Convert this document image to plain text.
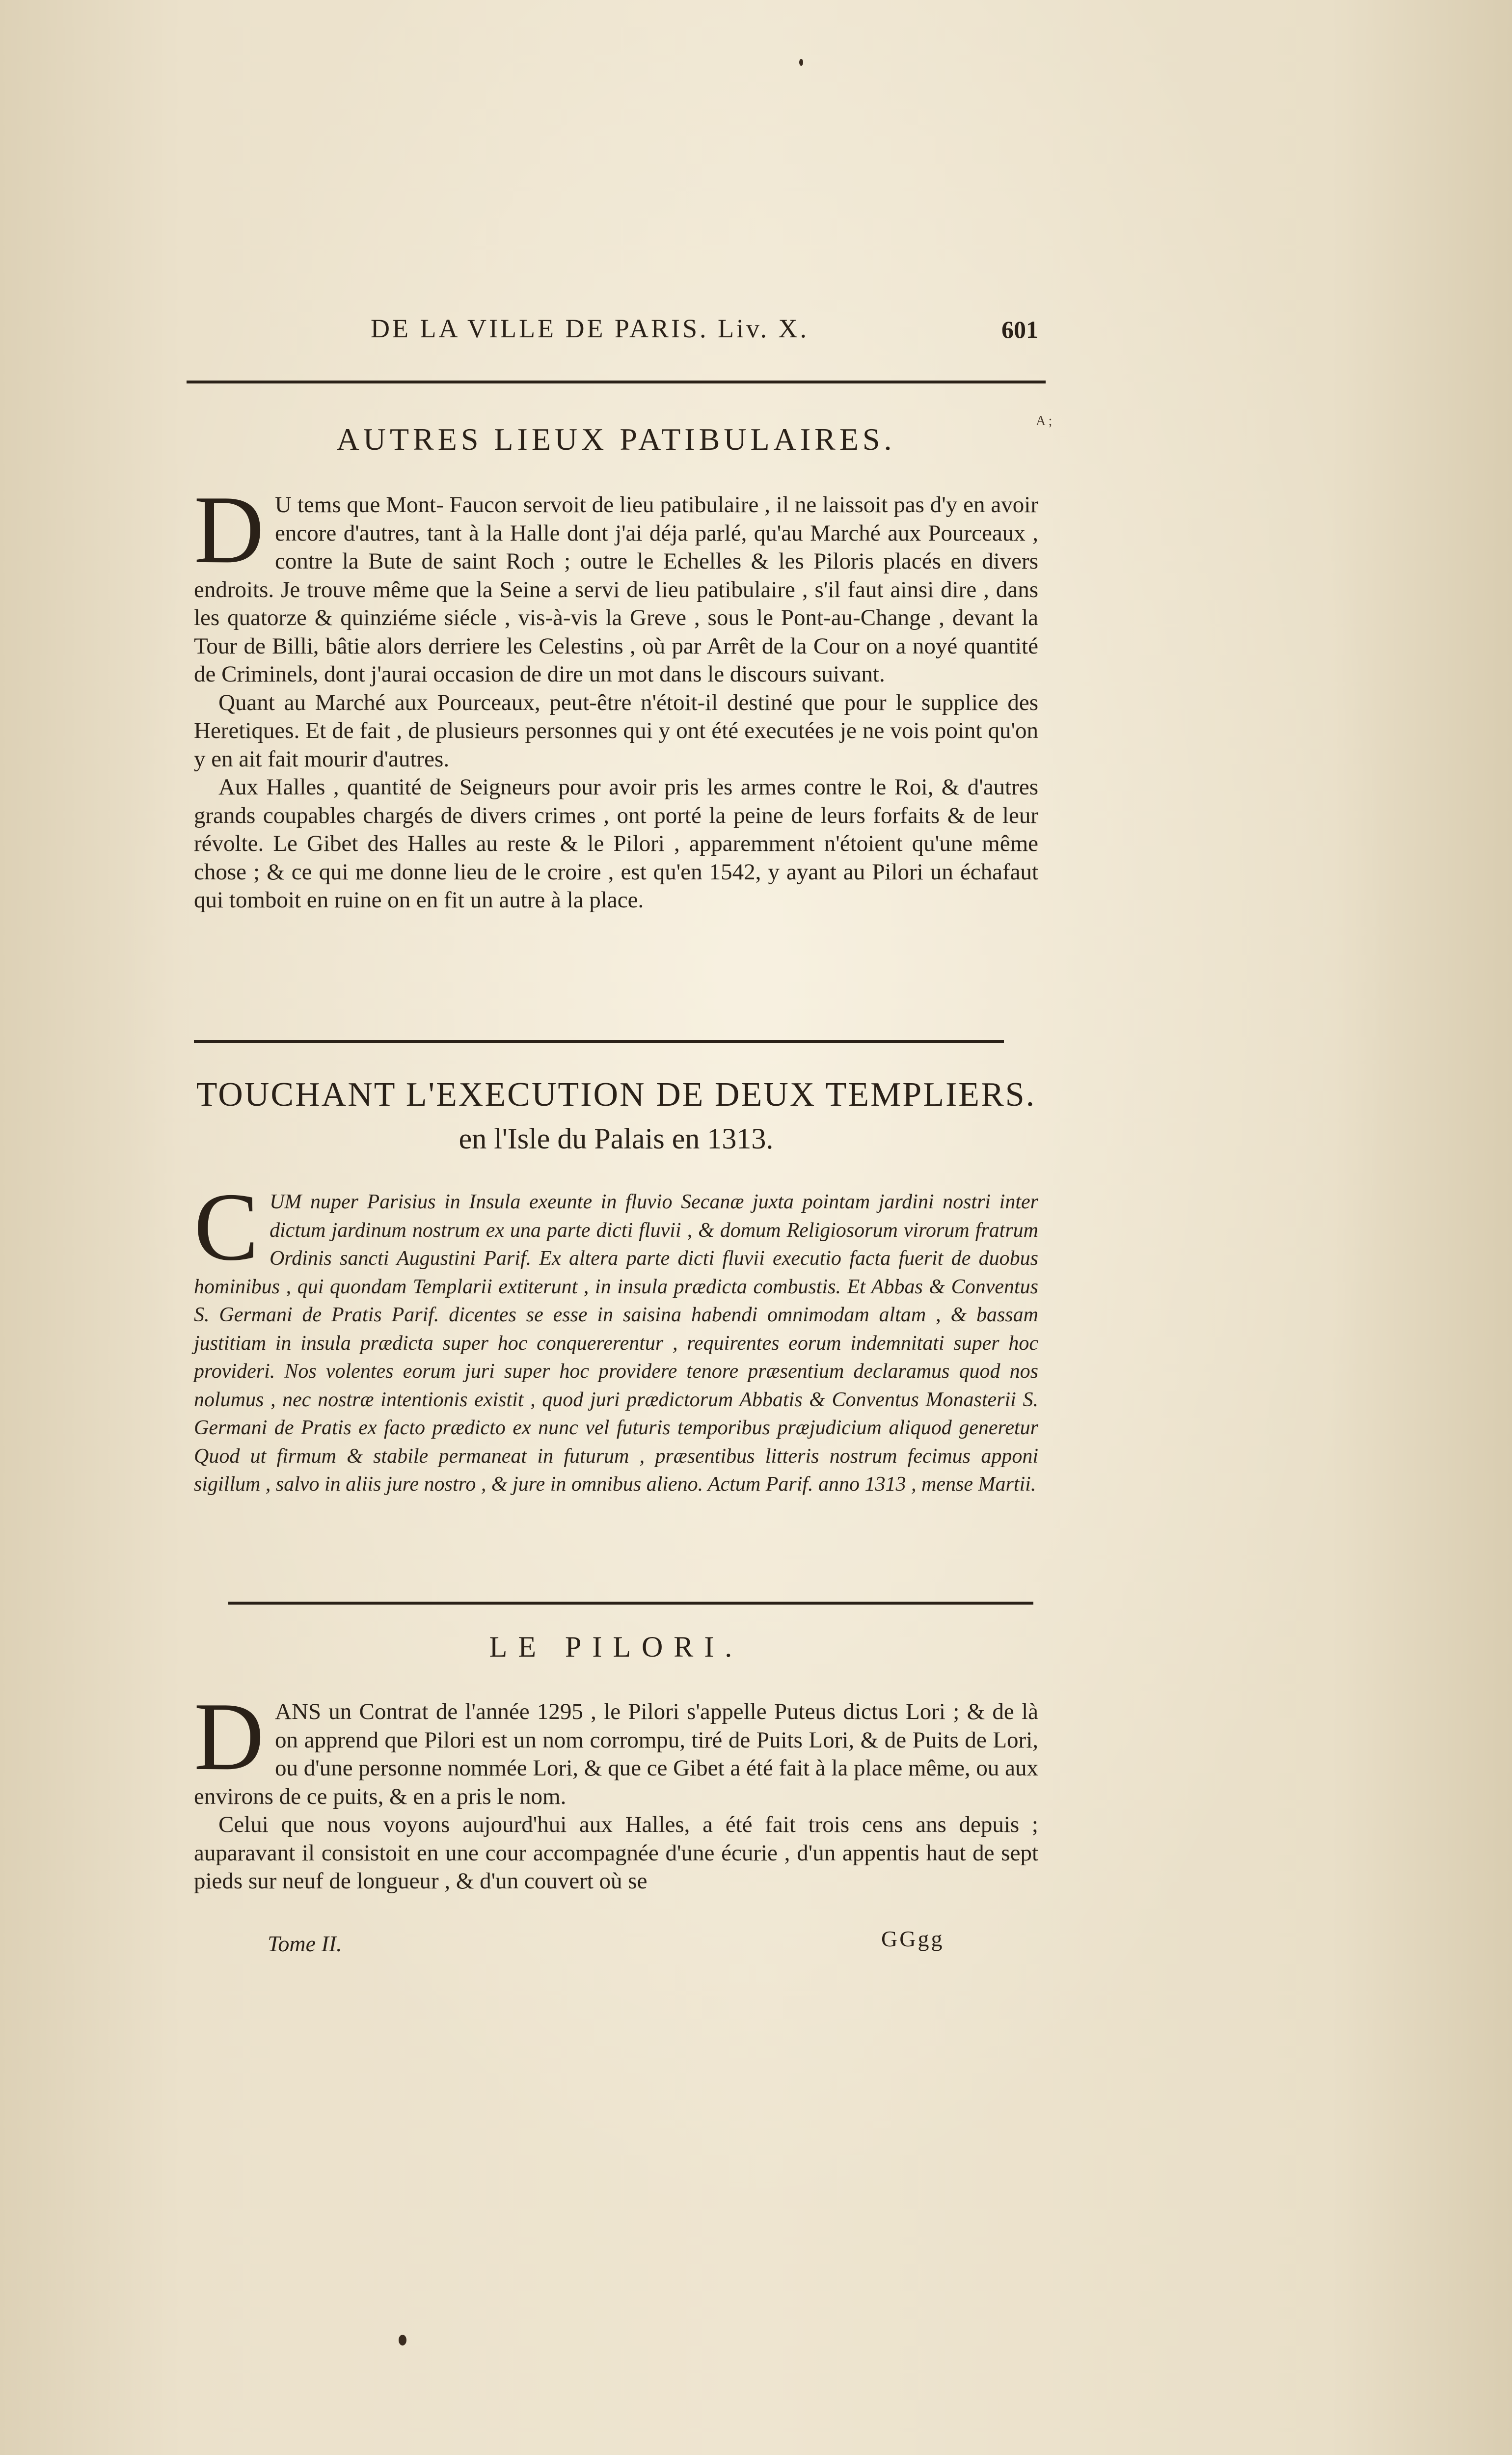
DE LA VILLE DE PARIS. Liv. X.	601
AUTRES LIEUX PATIBULAIRES.
A ;
D U tems que Mont- Faucon servoit de lieu patibulaire , il ne laissoit pas d'y en avoir encore d'autres, tant à la Halle dont j'ai déja parlé, qu'au Marché aux Pourceaux , contre la Bute de saint Roch ; outre le Echelles & les Piloris placés en divers endroits. Je trouve même que la Seine a servi de lieu patibulaire , s'il faut ainsi dire , dans les quatorze & quinziéme siécle , vis-à-vis la Greve , sous le Pont-au-Change , devant la Tour de Billi, bâtie alors derriere les Celestins , où par Arrêt de la Cour on a noyé quantité de Criminels, dont j'aurai occasion de dire un mot dans le discours suivant.

Quant au Marché aux Pourceaux, peut-être n'étoit-il destiné que pour le supplice des Heretiques. Et de fait , de plusieurs personnes qui y ont été executées je ne vois point qu'on y en ait fait mourir d'autres.

Aux Halles , quantité de Seigneurs pour avoir pris les armes contre le Roi, & d'autres grands coupables chargés de divers crimes , ont porté la peine de leurs forfaits & de leur révolte. Le Gibet des Halles au reste & le Pilori , apparemment n'étoient qu'une même chose ; & ce qui me donne lieu de le croire , est qu'en 1542, y ayant au Pilori un échafaut qui tomboit en ruine on en fit un autre à la place.

TOUCHANT L'EXECUTION DE DEUX TEMPLIERS.
en l'Isle du Palais en 1313.
C UM nuper Parisius in Insula exeunte in fluvio Secanæ juxta pointam jardini nostri inter dictum jardinum nostrum ex una parte dicti fluvii , & domum Religiosorum virorum fratrum Ordinis sancti Augustini Parif. Ex altera parte dicti fluvii executio facta fuerit de duobus hominibus , qui quondam Templarii extiterunt , in insula prædicta combustis. Et Abbas & Conventus S. Germani de Pratis Parif. dicentes se esse in saisina habendi omnimodam altam , & bassam justitiam in insula prædicta super hoc conquererentur , requirentes eorum indemnitati super hoc provideri. Nos volentes eorum juri super hoc providere tenore præsentium declaramus quod nos nolumus , nec nostræ intentionis existit , quod juri prædictorum Abbatis & Conventus Monasterii S. Germani de Pratis ex facto prædicto ex nunc vel futuris temporibus præjudicium aliquod generetur Quod ut firmum & stabile permaneat in futurum , præsentibus litteris nostrum fecimus apponi sigillum , salvo in aliis jure nostro , & jure in omnibus alieno. Actum Parif. anno 1313 , mense Martii.

LE PILORI.
D ANS un Contrat de l'année 1295 , le Pilori s'appelle Puteus dictus Lori ; & de là on apprend que Pilori est un nom corrompu, tiré de Puits Lori, & de Puits de Lori, ou d'une personne nommée Lori, & que ce Gibet a été fait à la place même, ou aux environs de ce puits, & en a pris le nom.

Celui que nous voyons aujourd'hui aux Halles, a été fait trois cens ans depuis ; auparavant il consistoit en une cour accompagnée d'une écurie , d'un appentis haut de sept pieds sur neuf de longueur , & d'un couvert où se

Tome II.	GGgg
